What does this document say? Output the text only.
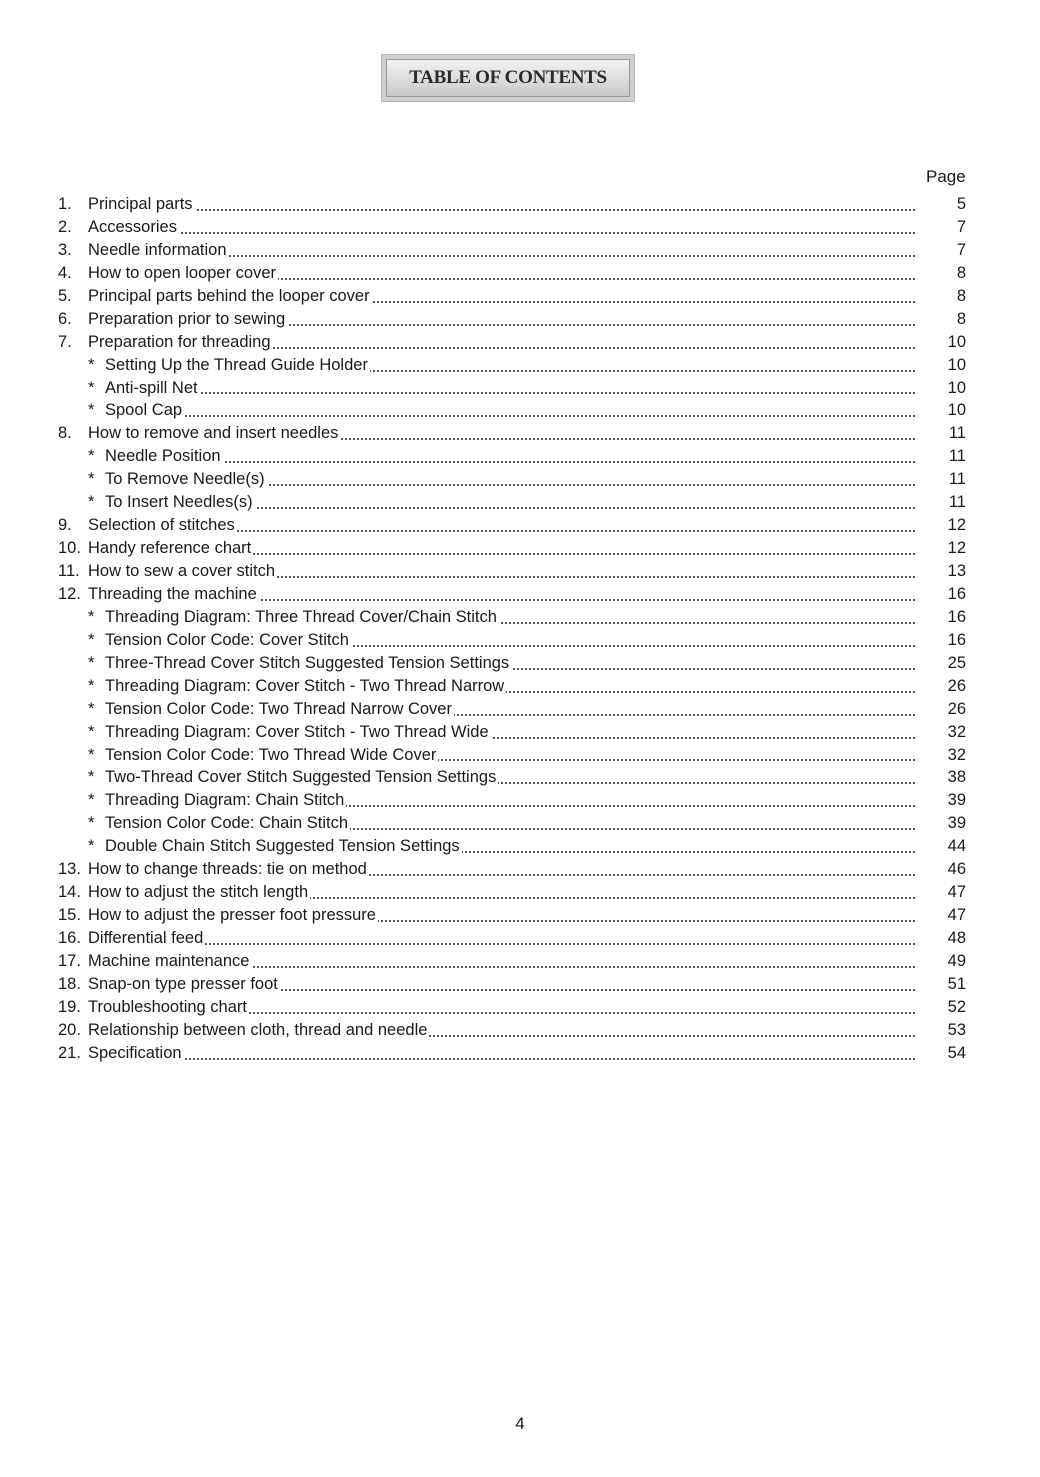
TABLE OF CONTENTS
Page
1. Principal parts	5
2. Accessories	7
3. Needle information	7
4. How to open looper cover	8
5. Principal parts behind the looper cover	8
6. Preparation prior to sewing	8
7. Preparation for threading	10
* Setting Up the Thread Guide Holder	10
* Anti-spill Net	10
* Spool Cap	10
8. How to remove and insert needles	11
* Needle Position	11
* To Remove Needle(s)	11
* To Insert Needles(s)	11
9. Selection of stitches	12
10. Handy reference chart	12
11. How to sew a cover stitch	13
12. Threading the machine	16
* Threading Diagram: Three Thread Cover/Chain Stitch	16
* Tension Color Code: Cover Stitch	16
* Three-Thread Cover Stitch Suggested Tension Settings	25
* Threading Diagram: Cover Stitch - Two Thread Narrow	26
* Tension Color Code: Two Thread Narrow Cover	26
* Threading Diagram: Cover Stitch - Two Thread Wide	32
* Tension Color Code: Two Thread Wide Cover	32
* Two-Thread Cover Stitch Suggested Tension Settings	38
* Threading Diagram: Chain Stitch	39
* Tension Color Code: Chain Stitch	39
* Double Chain Stitch Suggested Tension Settings	44
13. How to change threads: tie on method	46
14. How to adjust the stitch length	47
15. How to adjust the presser foot pressure	47
16. Differential feed	48
17. Machine maintenance	49
18. Snap-on type presser foot	51
19. Troubleshooting chart	52
20. Relationship between cloth, thread and needle	53
21. Specification	54
4
